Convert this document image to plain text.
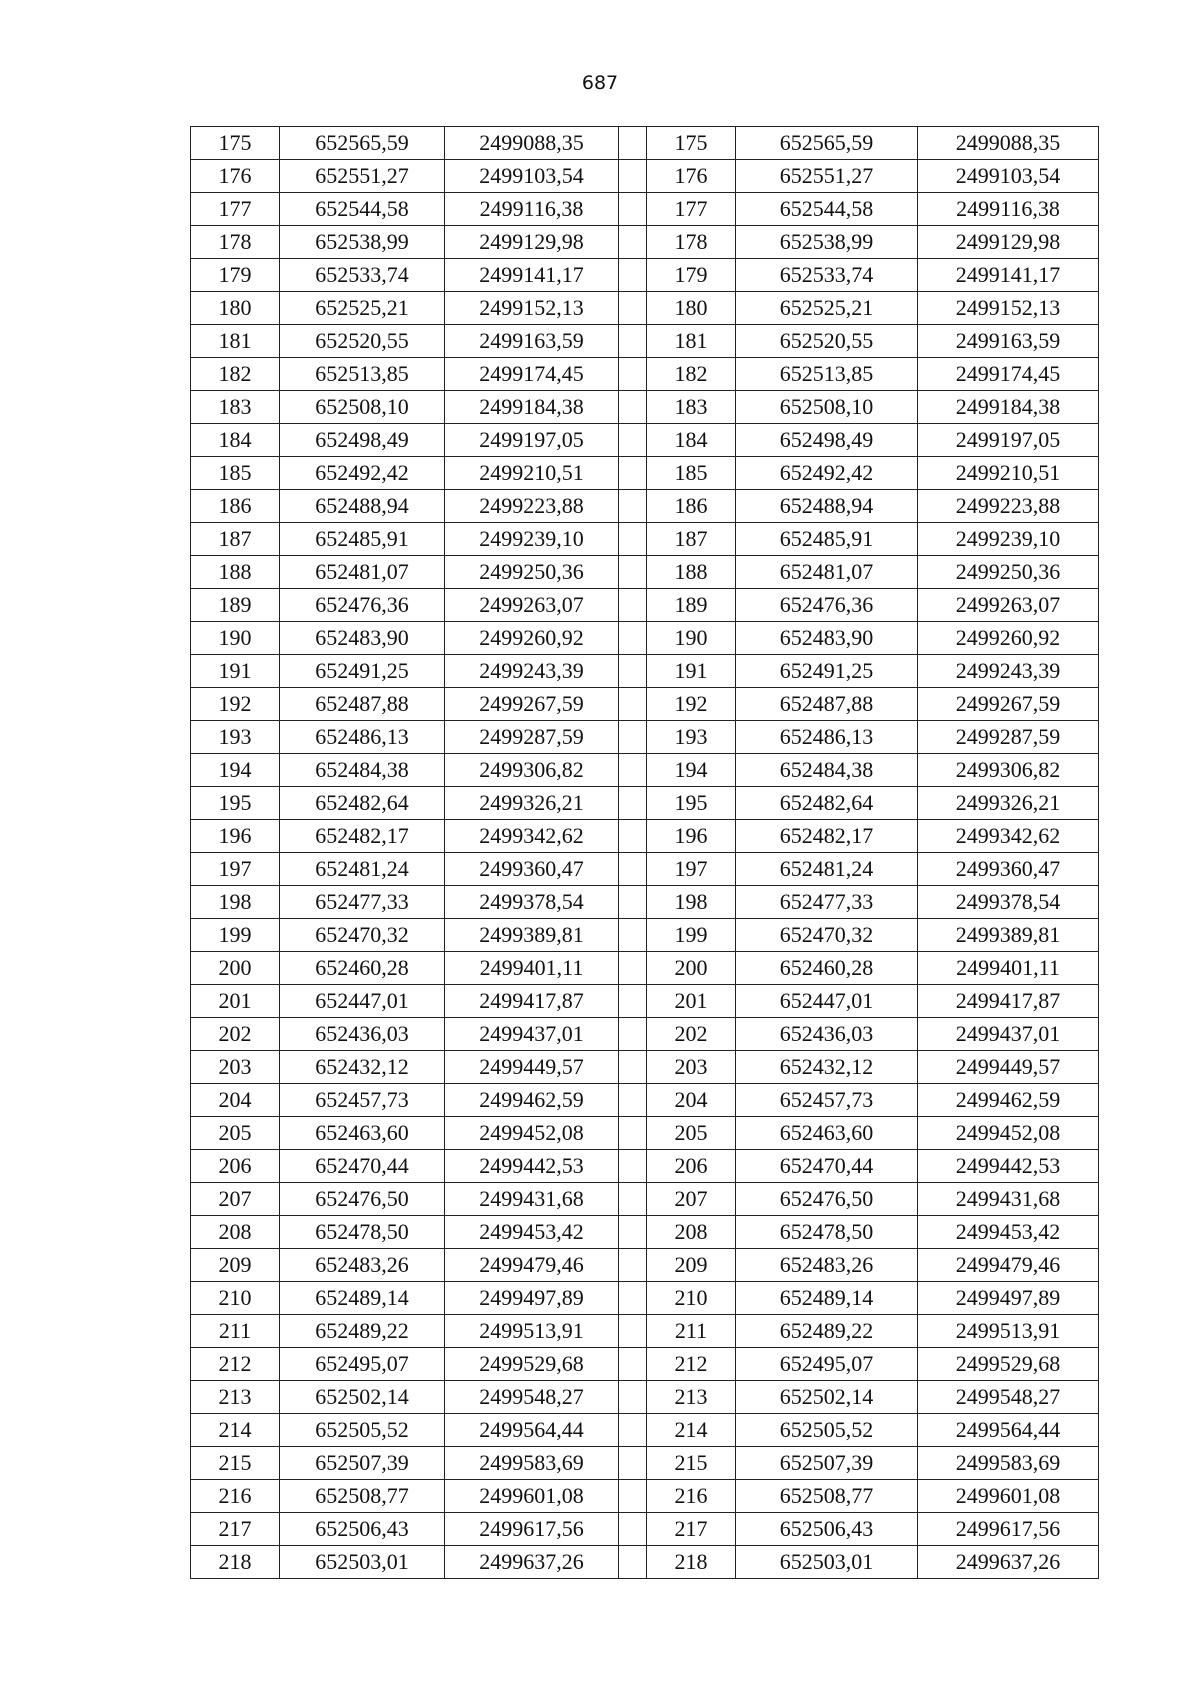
687
175	652565,59	2499088,35		175	652565,59	2499088,35
176	652551,27	2499103,54		176	652551,27	2499103,54
177	652544,58	2499116,38		177	652544,58	2499116,38
178	652538,99	2499129,98		178	652538,99	2499129,98
179	652533,74	2499141,17		179	652533,74	2499141,17
180	652525,21	2499152,13		180	652525,21	2499152,13
181	652520,55	2499163,59		181	652520,55	2499163,59
182	652513,85	2499174,45		182	652513,85	2499174,45
183	652508,10	2499184,38		183	652508,10	2499184,38
184	652498,49	2499197,05		184	652498,49	2499197,05
185	652492,42	2499210,51		185	652492,42	2499210,51
186	652488,94	2499223,88		186	652488,94	2499223,88
187	652485,91	2499239,10		187	652485,91	2499239,10
188	652481,07	2499250,36		188	652481,07	2499250,36
189	652476,36	2499263,07		189	652476,36	2499263,07
190	652483,90	2499260,92		190	652483,90	2499260,92
191	652491,25	2499243,39		191	652491,25	2499243,39
192	652487,88	2499267,59		192	652487,88	2499267,59
193	652486,13	2499287,59		193	652486,13	2499287,59
194	652484,38	2499306,82		194	652484,38	2499306,82
195	652482,64	2499326,21		195	652482,64	2499326,21
196	652482,17	2499342,62		196	652482,17	2499342,62
197	652481,24	2499360,47		197	652481,24	2499360,47
198	652477,33	2499378,54		198	652477,33	2499378,54
199	652470,32	2499389,81		199	652470,32	2499389,81
200	652460,28	2499401,11		200	652460,28	2499401,11
201	652447,01	2499417,87		201	652447,01	2499417,87
202	652436,03	2499437,01		202	652436,03	2499437,01
203	652432,12	2499449,57		203	652432,12	2499449,57
204	652457,73	2499462,59		204	652457,73	2499462,59
205	652463,60	2499452,08		205	652463,60	2499452,08
206	652470,44	2499442,53		206	652470,44	2499442,53
207	652476,50	2499431,68		207	652476,50	2499431,68
208	652478,50	2499453,42		208	652478,50	2499453,42
209	652483,26	2499479,46		209	652483,26	2499479,46
210	652489,14	2499497,89		210	652489,14	2499497,89
211	652489,22	2499513,91		211	652489,22	2499513,91
212	652495,07	2499529,68		212	652495,07	2499529,68
213	652502,14	2499548,27		213	652502,14	2499548,27
214	652505,52	2499564,44		214	652505,52	2499564,44
215	652507,39	2499583,69		215	652507,39	2499583,69
216	652508,77	2499601,08		216	652508,77	2499601,08
217	652506,43	2499617,56		217	652506,43	2499617,56
218	652503,01	2499637,26		218	652503,01	2499637,26
